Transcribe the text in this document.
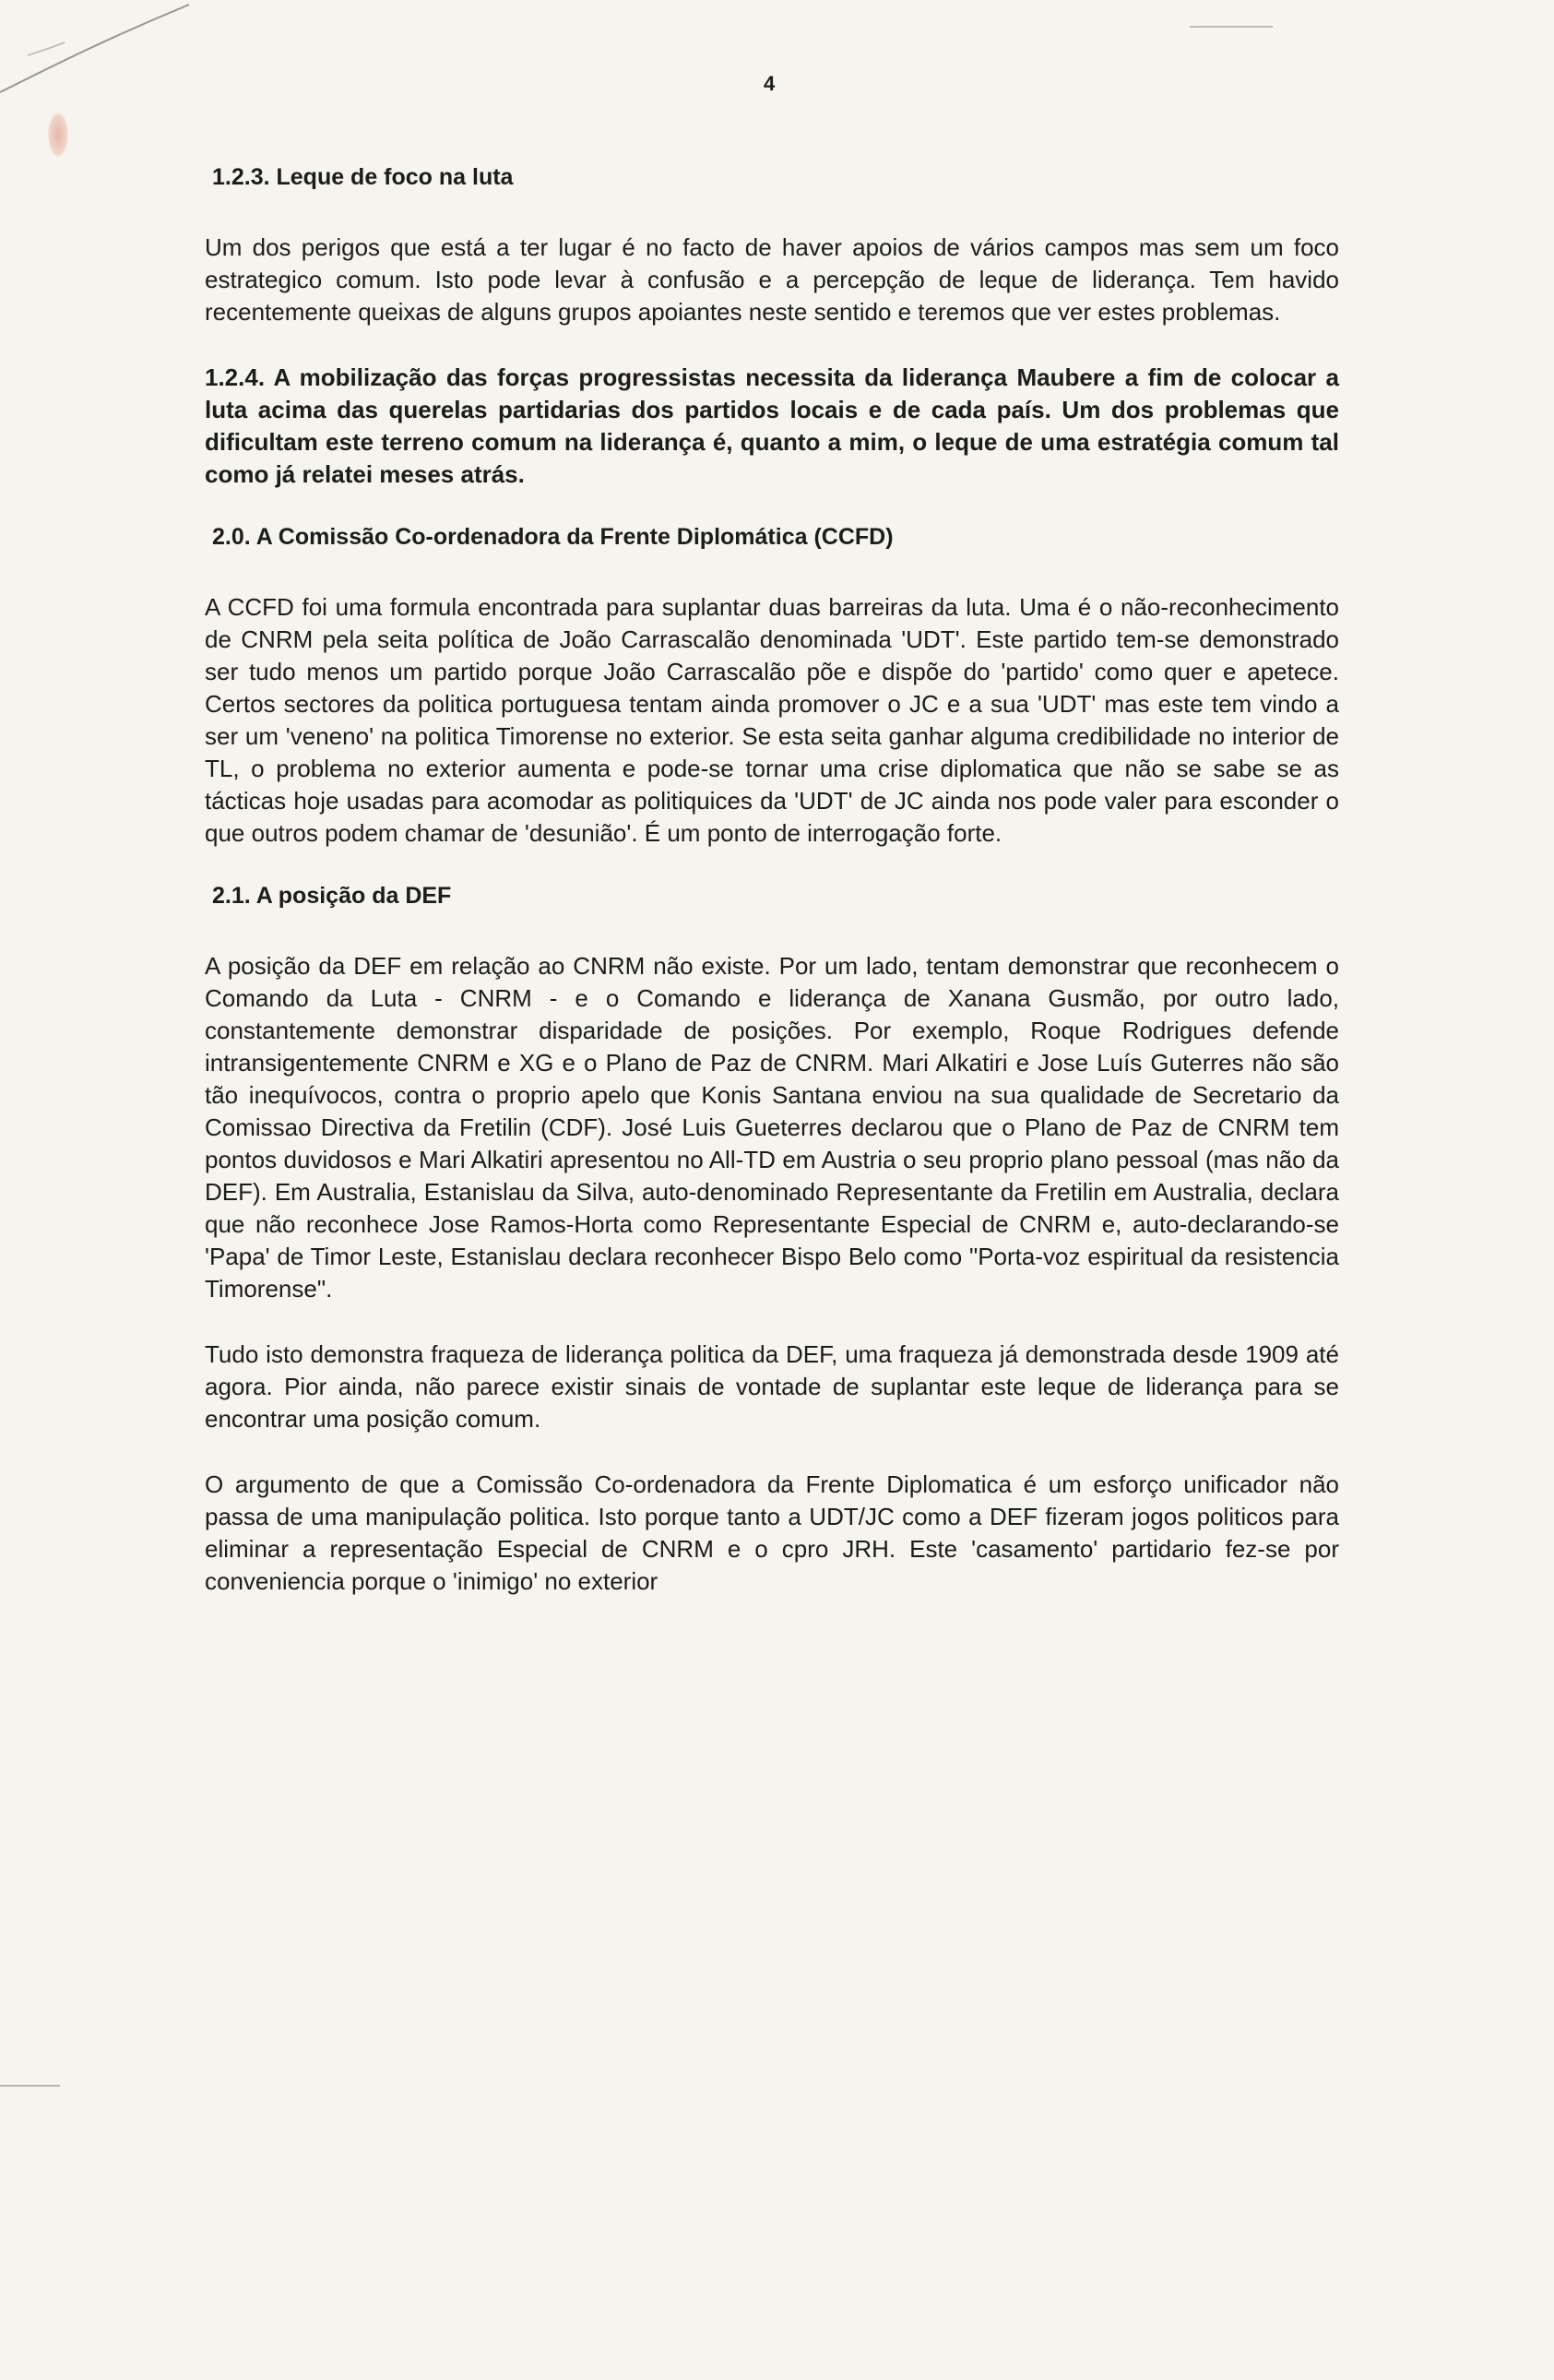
4
1.2.3. Leque de foco na luta

Um dos perigos que está a ter lugar é no facto de haver apoios de vários campos mas sem um foco estrategico comum. Isto pode levar à confusão e a percepção de leque de liderança. Tem havido recentemente queixas de alguns grupos apoiantes neste sentido e teremos que ver estes problemas.

1.2.4. A mobilização das forças progressistas necessita da liderança Maubere a fim de colocar a luta acima das querelas partidarias dos partidos locais e de cada país. Um dos problemas que dificultam este terreno comum na liderança é, quanto a mim, o leque de uma estratégia comum tal como já relatei meses atrás.

2.0. A Comissão Co-ordenadora da Frente Diplomática (CCFD)

A CCFD foi uma formula encontrada para suplantar duas barreiras da luta. Uma é o não-reconhecimento de CNRM pela seita política de João Carrascalão denominada 'UDT'. Este partido tem-se demonstrado ser tudo menos um partido porque João Carrascalão põe e dispõe do 'partido' como quer e apetece. Certos sectores da politica portuguesa tentam ainda promover o JC e a sua 'UDT' mas este tem vindo a ser um 'veneno' na politica Timorense no exterior. Se esta seita ganhar alguma credibilidade no interior de TL, o problema no exterior aumenta e pode-se tornar uma crise diplomatica que não se sabe se as tácticas hoje usadas para acomodar as politiquices da 'UDT' de JC ainda nos pode valer para esconder o que outros podem chamar de 'desunião'. É um ponto de interrogação forte.

2.1. A posição da DEF

A posição da DEF em relação ao CNRM não existe. Por um lado, tentam demonstrar que reconhecem o Comando da Luta - CNRM - e o Comando e liderança de Xanana Gusmão, por outro lado, constantemente demonstrar disparidade de posições. Por exemplo, Roque Rodrigues defende intransigentemente CNRM e XG e o Plano de Paz de CNRM. Mari Alkatiri e Jose Luís Guterres não são tão inequívocos, contra o proprio apelo que Konis Santana enviou na sua qualidade de Secretario da Comissao Directiva da Fretilin (CDF). José Luis Gueterres declarou que o Plano de Paz de CNRM tem pontos duvidosos e Mari Alkatiri apresentou no All-TD em Austria o seu proprio plano pessoal (mas não da DEF). Em Australia, Estanislau da Silva, auto-denominado Representante da Fretilin em Australia, declara que não reconhece Jose Ramos-Horta como Representante Especial de CNRM e, auto-declarando-se 'Papa' de Timor Leste, Estanislau declara reconhecer Bispo Belo como "Porta-voz espiritual da resistencia Timorense".

Tudo isto demonstra fraqueza de liderança politica da DEF, uma fraqueza já demonstrada desde 1909 até agora. Pior ainda, não parece existir sinais de vontade de suplantar este leque de liderança para se encontrar uma posição comum.

O argumento de que a Comissão Co-ordenadora da Frente Diplomatica é um esforço unificador não passa de uma manipulação politica. Isto porque tanto a UDT/JC como a DEF fizeram jogos politicos para eliminar a representação Especial de CNRM e o cpro JRH. Este 'casamento' partidario fez-se por conveniencia porque o 'inimigo' no exterior
